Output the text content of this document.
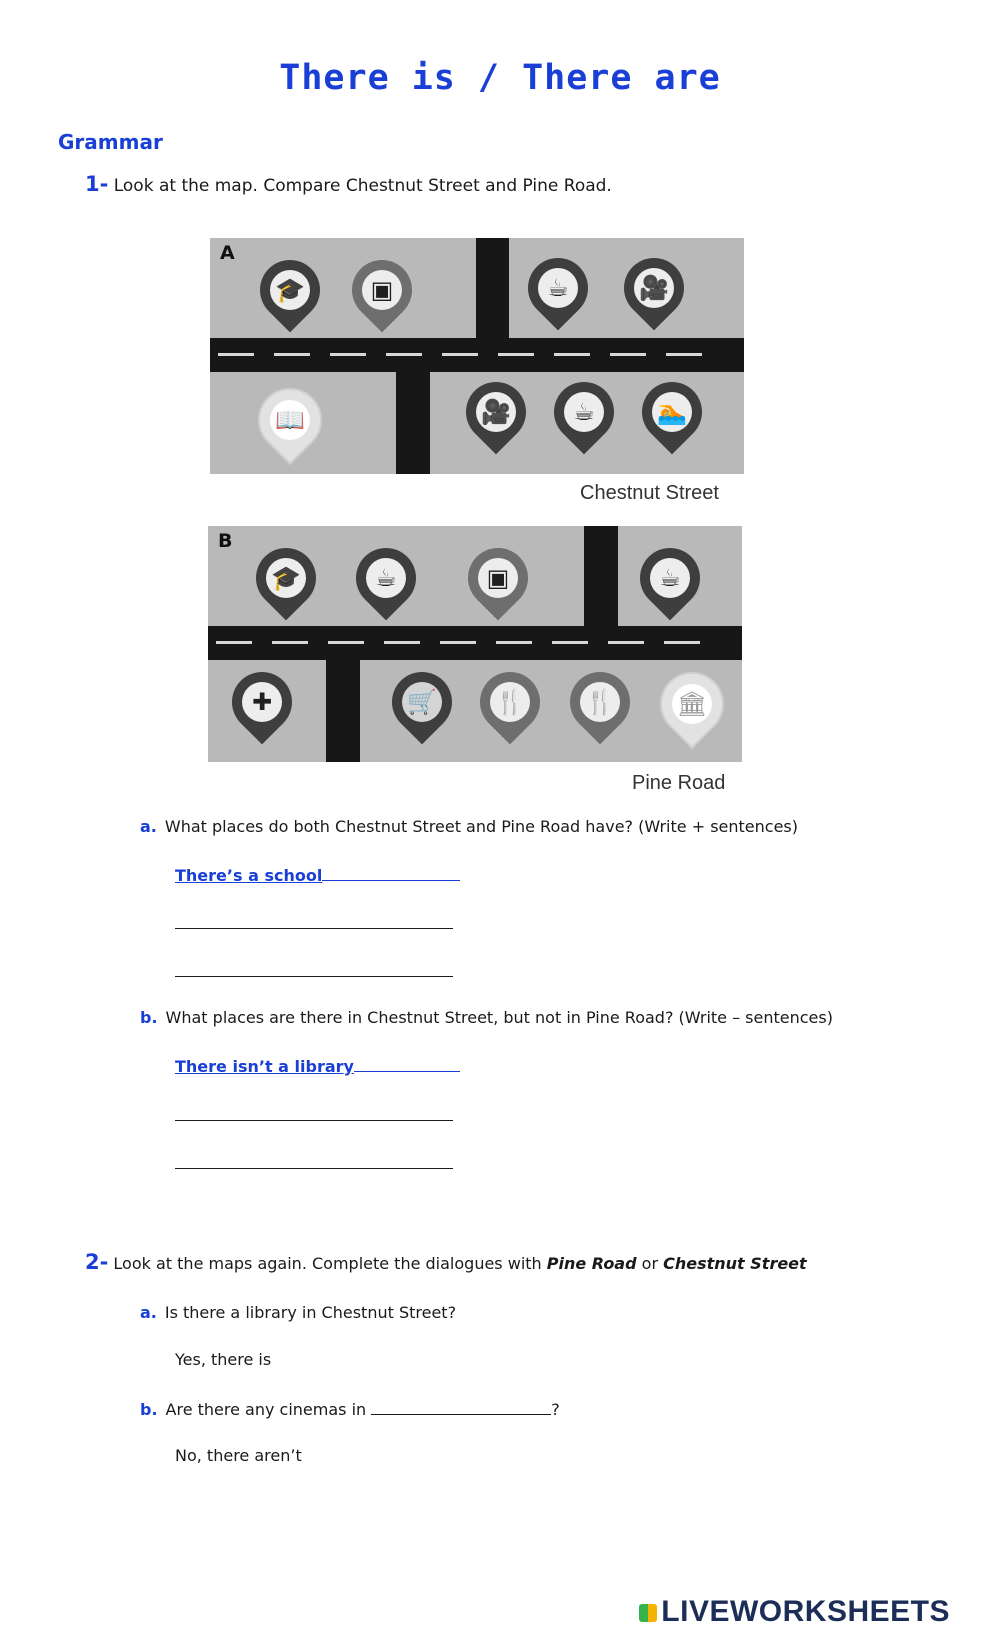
There is / There are
Grammar
1- Look at the map. Compare Chestnut Street and Pine Road.
A
🎓	▣	☕	🎥
📖	🎥	☕	🏊
Chestnut Street
B
🎓	☕	▣	☕
✚	🛒 🍴	🍴	🏛
Pine Road
a. What places do both Chestnut Street and Pine Road have? (Write + sentences)
There’s a school
b. What places are there in Chestnut Street, but not in Pine Road? (Write – sentences)
There isn’t a library
2- Look at the maps again. Complete the dialogues with Pine Road or Chestnut Street
a. Is there a library in Chestnut Street?
Yes, there is
b. Are there any cinemas in	?
No, there aren’t
LIVEWORKSHEETS
